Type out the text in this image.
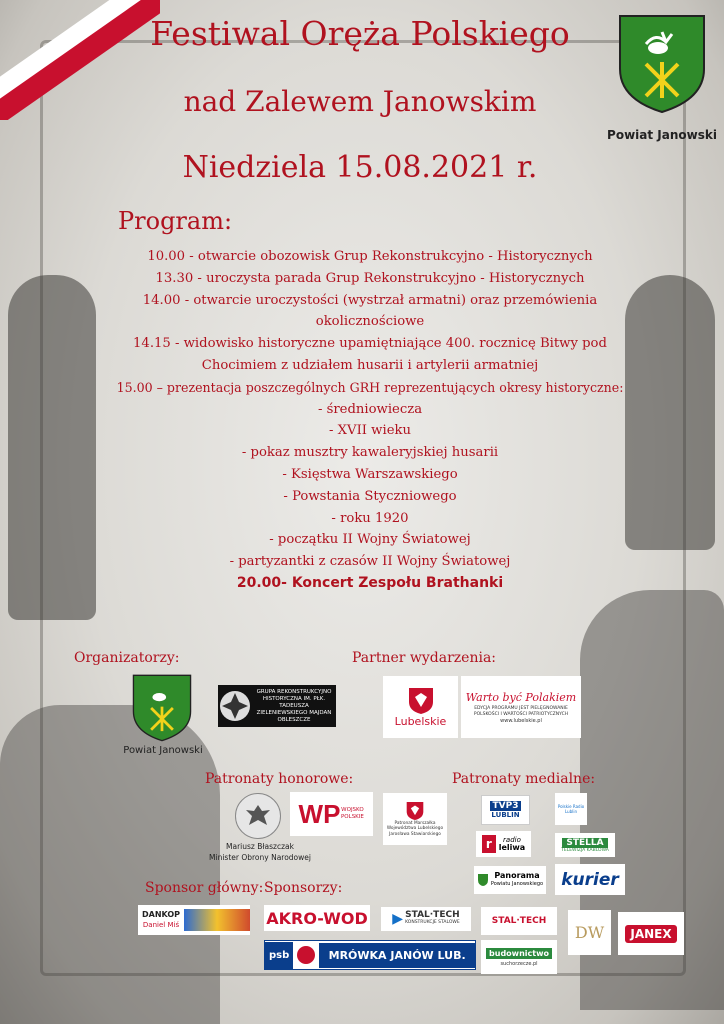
Festiwal Oręża Polskiego
nad Zalewem Janowskim
Niedziela 15.08.2021 r.
Powiat Janowski
Program:
10.00 - otwarcie obozowisk Grup Rekonstrukcyjno - Historycznych
13.30 - uroczysta parada Grup Rekonstrukcyjno - Historycznych
14.00 - otwarcie uroczystości (wystrzał armatni) oraz przemówienia
okolicznościowe
14.15 - widowisko historyczne upamiętniające 400. rocznicę Bitwy pod
Chocimiem z udziałem husarii i artylerii armatniej
15.00 – prezentacja poszczególnych GRH reprezentujących okresy historyczne:
- średniowiecza
- XVII wieku
- pokaz musztry kawaleryjskiej husarii
- Księstwa Warszawskiego
- Powstania Styczniowego
- roku 1920
- początku II Wojny Światowej
- partyzantki z czasów II Wojny Światowej
20.00- Koncert Zespołu Brathanki
Organizatorzy:	Partner wydarzenia:
Patronaty honorowe:	Patronaty medialne:
Sponsor główny: Sponsorzy:
Powiat Janowski
GRUPA REKONSTRUKCYJNO HISTORYCZNA IM. PŁK. TADEUSZA ZIELENIEWSKIEGO MAJDAN OBLESZCZE	Lubelskie
Warto być Polakiem
EDYCJA PROGRAMU JEST PIELĘGNOWANIE POLSKOŚCI I WARTOŚCI PATRIOTYCZNYCH
www.lubelskie.pl
Mariusz Błaszczak
Minister Obrony Narodowej
WP WOJSKO POLSKIE
Patronat Marszałka Województwa Lubelskiego Jarosława Stawiarskiego
TVP3
LUBLIN
Polskie Radio Lublin
r	radio
leliwa	STELLA
TELEWIZJA KABLOWA
Panorama
Powiatu Janowskiego kurier
DANKOP
Daniel Miś	AKRO-WOD ▶ STAL·TECH
KONSTRUKCJE STALOWE	STAL·TECH
DW	JANEX
psb	MRÓWKA JANÓW LUB.	budownictwo
suchorzecze.pl
